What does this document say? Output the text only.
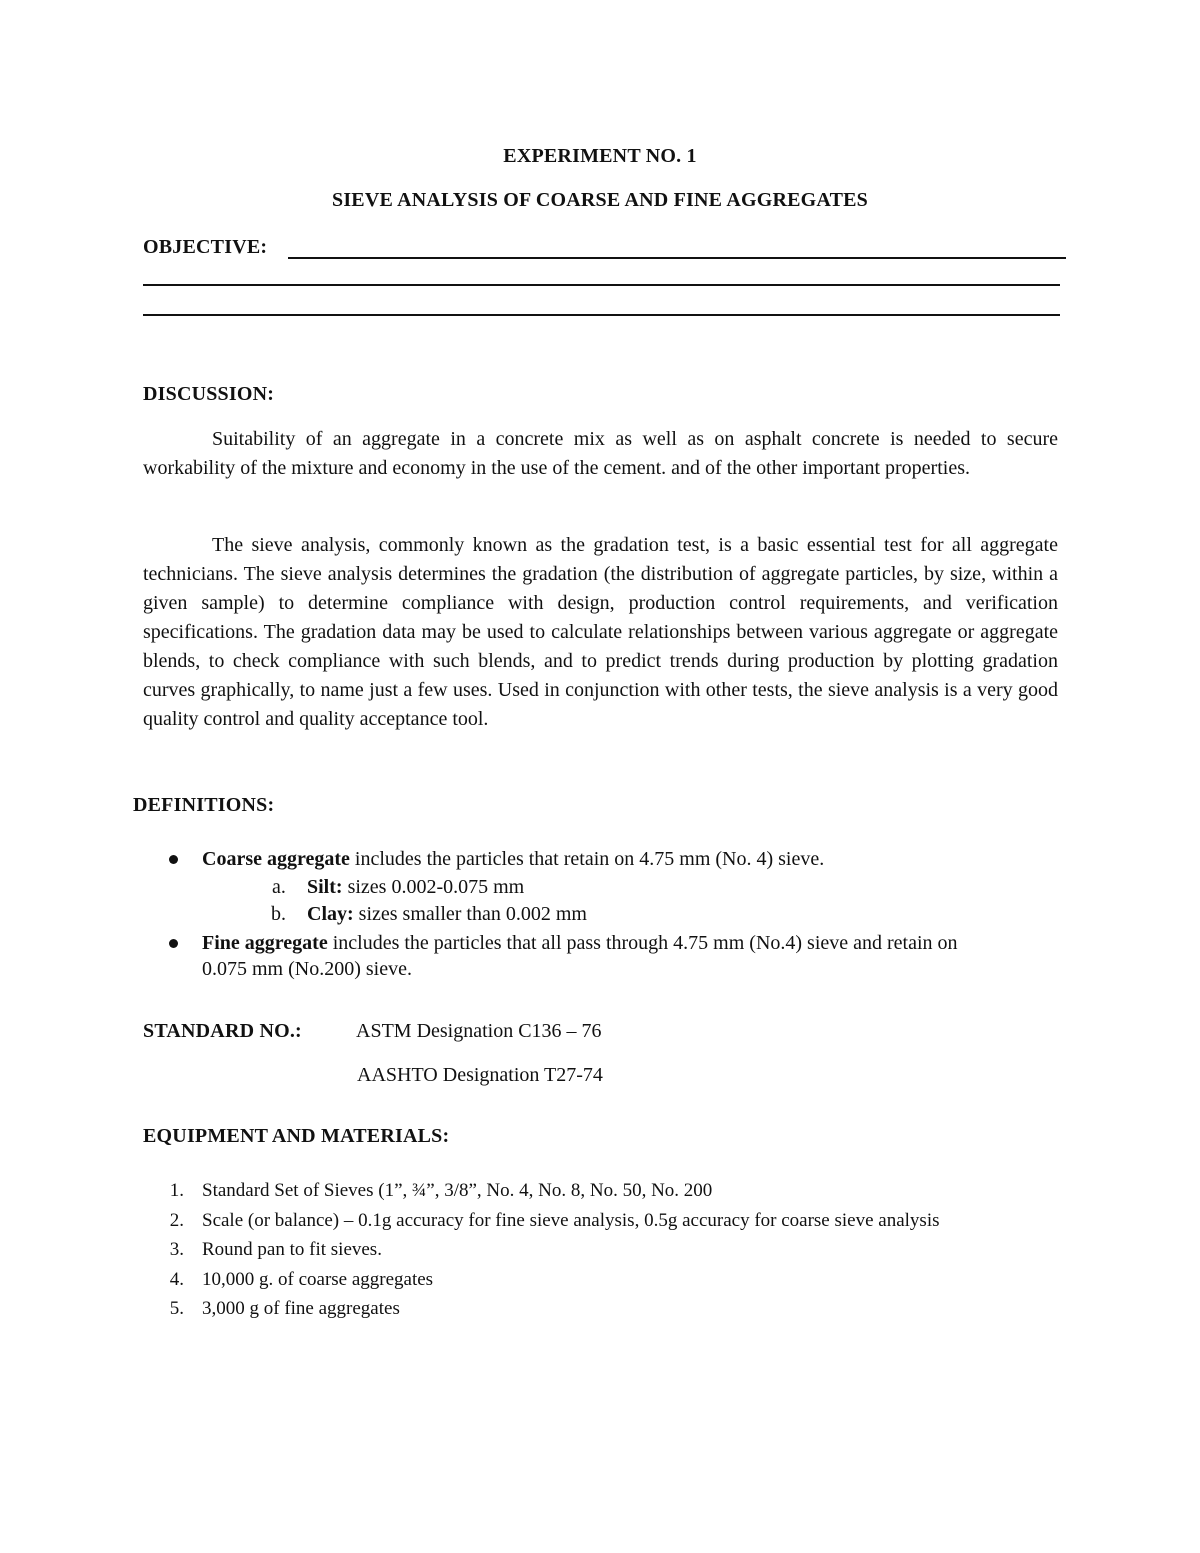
EXPERIMENT NO. 1
SIEVE ANALYSIS OF COARSE AND FINE AGGREGATES
OBJECTIVE:
DISCUSSION:
Suitability of an aggregate in a concrete mix as well as on asphalt concrete is needed to secure workability of the mixture and economy in the use of the cement. and of the other important properties.
The sieve analysis, commonly known as the gradation test, is a basic essential test for all aggregate technicians. The sieve analysis determines the gradation (the distribution of aggregate particles, by size, within a given sample) to determine compliance with design, production control requirements, and verification specifications. The gradation data may be used to calculate relationships between various aggregate or aggregate blends, to check compliance with such blends, and to predict trends during production by plotting gradation curves graphically, to name just a few uses. Used in conjunction with other tests, the sieve analysis is a very good quality control and quality acceptance tool.
DEFINITIONS:
Coarse aggregate includes the particles that retain on 4.75 mm (No. 4) sieve.
a. Silt: sizes 0.002-0.075 mm
b. Clay: sizes smaller than 0.002 mm
Fine aggregate includes the particles that all pass through 4.75 mm (No.4) sieve and retain on
0.075 mm (No.200) sieve.
STANDARD NO.:	ASTM Designation C136 – 76
AASHTO Designation T27-74
EQUIPMENT AND MATERIALS:
1. Standard Set of Sieves (1”, ¾”, 3/8”, No. 4, No. 8, No. 50, No. 200
2. Scale (or balance) – 0.1g accuracy for fine sieve analysis, 0.5g accuracy for coarse sieve analysis
3. Round pan to fit sieves.
4. 10,000 g. of coarse aggregates
5. 3,000 g of fine aggregates
